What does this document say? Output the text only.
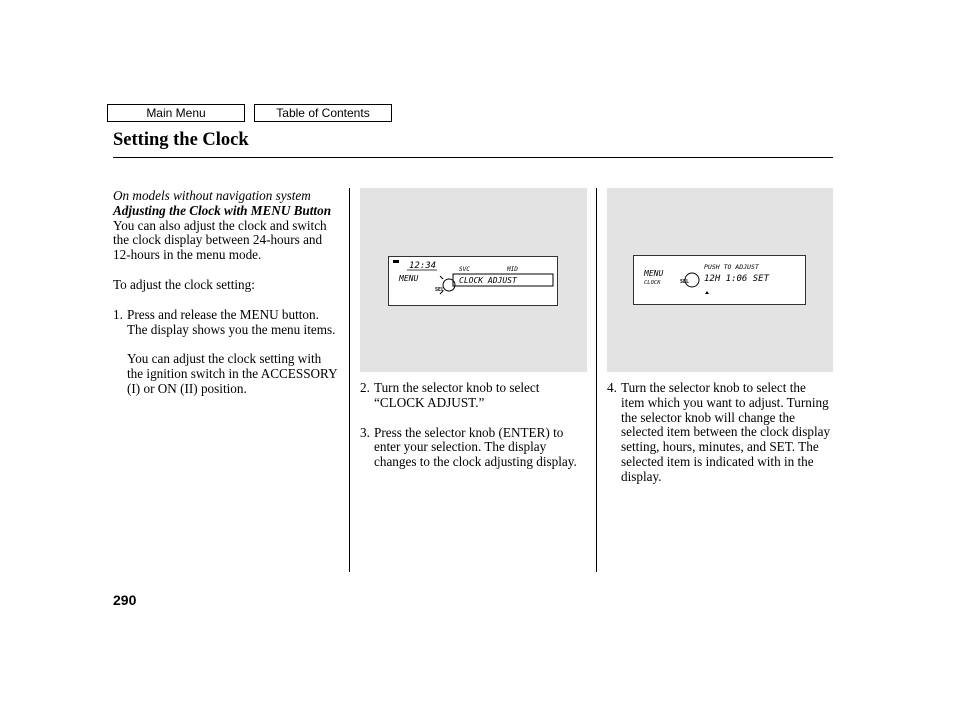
Main Menu	Table of Contents
Setting the Clock

On models without navigation system

Adjusting the Clock with MENU Button

You can also adjust the clock and switch the clock display between 24-hours and 12-hours in the menu mode.

To adjust the clock setting:

1. Press and release the MENU button. The display shows you the menu items.

You can adjust the clock setting with the ignition switch in the ACCESSORY (I) or ON (II) position.

12:34
MENU
SEL
SVC	MID
CLOCK ADJUST
2. Turn the selector knob to select “CLOCK ADJUST.”
3. Press the selector knob (ENTER) to enter your selection. The display changes to the clock adjusting display.
PUSH TO ADJUST
MENU
CLOCK	SEL 12H 1:06 SET
4. Turn the selector knob to select the item which you want to adjust. Turning the selector knob will change the selected item between the clock display setting, hours, minutes, and SET. The selected item is indicated with in the display.
290
